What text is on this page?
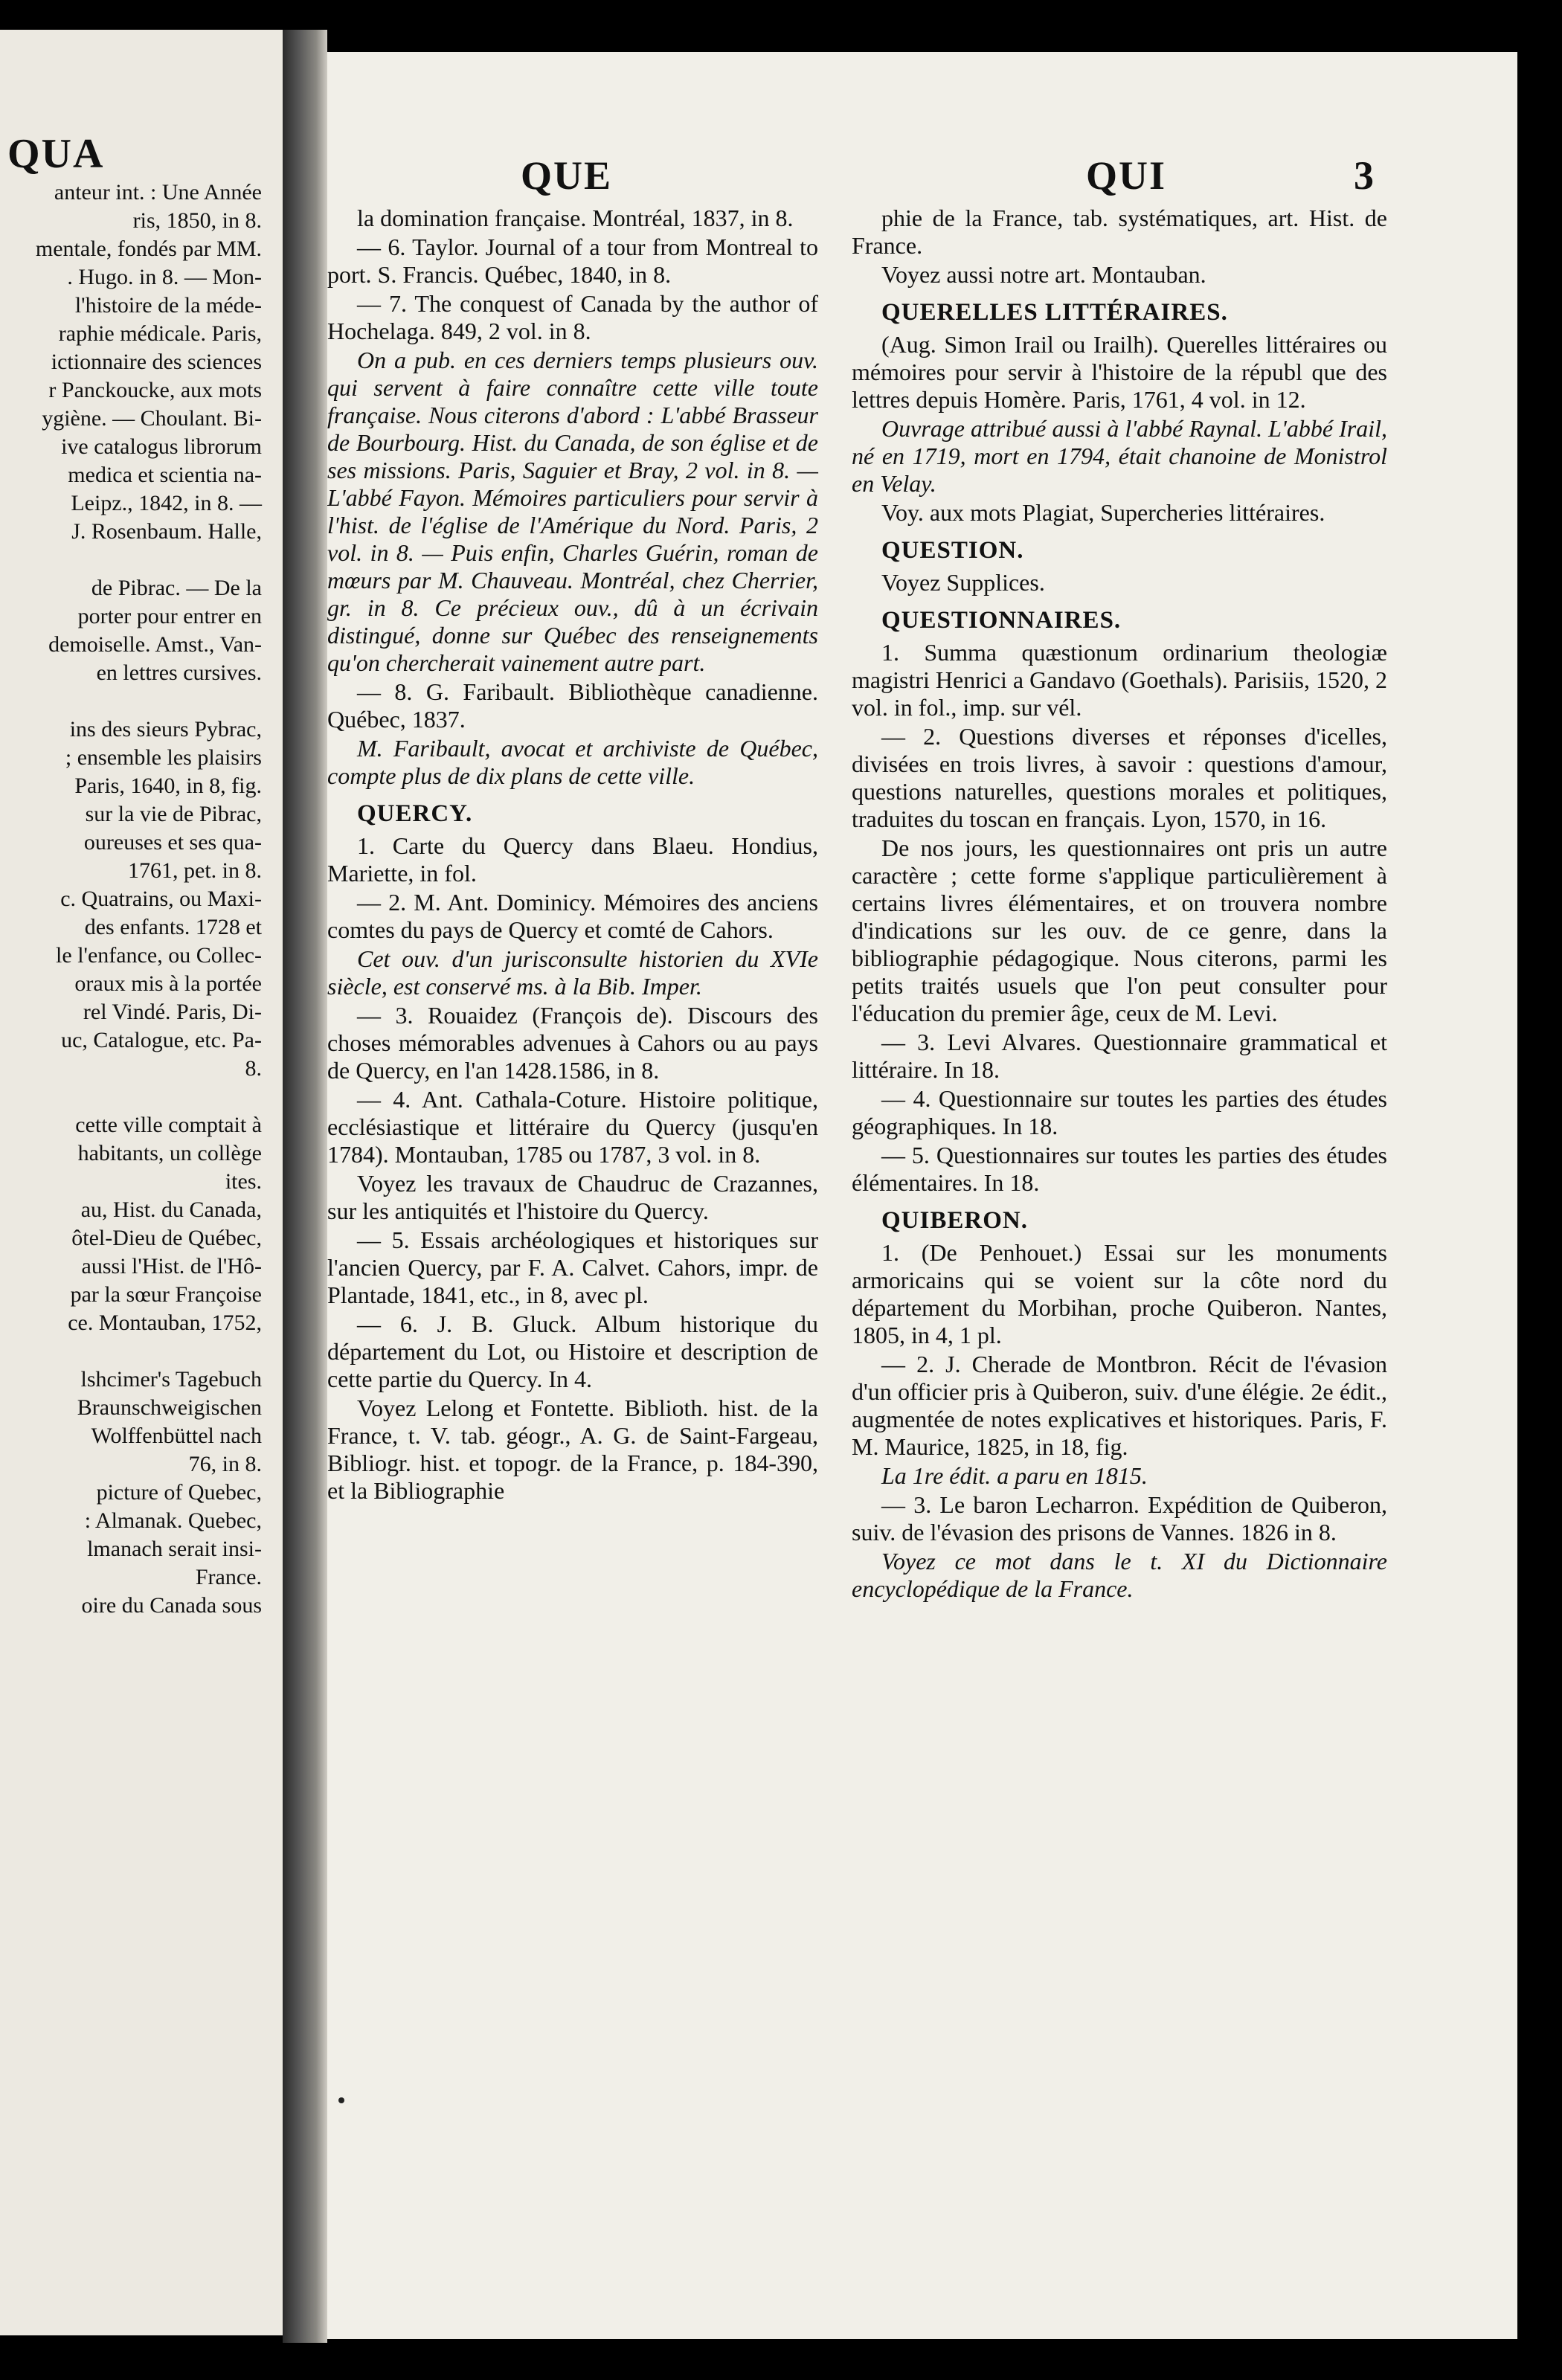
QUA

anteur int. : Une Année

ris, 1850, in 8.

mentale, fondés par MM.

. Hugo. in 8. — Mon-

l'histoire de la méde-

raphie médicale. Paris,

ictionnaire des sciences

r Panckoucke, aux mots

ygiène. — Choulant. Bi-

ive catalogus librorum

medica et scientia na-

Leipz., 1842, in 8. —

J. Rosenbaum. Halle,

de Pibrac. — De la

porter pour entrer en

demoiselle. Amst., Van-

en lettres cursives.

ins des sieurs Pybrac,

; ensemble les plaisirs

Paris, 1640, in 8, fig.

sur la vie de Pibrac,

oureuses et ses qua-

1761, pet. in 8.

c. Quatrains, ou Maxi-

des enfants. 1728 et

le l'enfance, ou Collec-

oraux mis à la portée

rel Vindé. Paris, Di-

uc, Catalogue, etc. Pa-

8.

cette ville comptait à

habitants, un collège

ites.

au, Hist. du Canada,

ôtel-Dieu de Québec,

aussi l'Hist. de l'Hô-

par la sœur Françoise

ce. Montauban, 1752,

lshcimer's Tagebuch

Braunschweigischen

Wolffenbüttel nach

76, in 8.

picture of Quebec,

: Almanak. Quebec,

lmanach serait insi-

France.

oire du Canada sous

QUE	QUI	3

la domination française. Montréal, 1837, in 8.

— 6. Taylor. Journal of a tour from Montreal to port. S. Francis. Québec, 1840, in 8.

— 7. The conquest of Canada by the author of Hochelaga. 849, 2 vol. in 8.

On a pub. en ces derniers temps plusieurs ouv. qui servent à faire connaître cette ville toute française. Nous citerons d'abord : L'abbé Brasseur de Bourbourg. Hist. du Canada, de son église et de ses missions. Paris, Saguier et Bray, 2 vol. in 8. — L'abbé Fayon. Mémoires particuliers pour servir à l'hist. de l'église de l'Amérique du Nord. Paris, 2 vol. in 8. — Puis enfin, Charles Guérin, roman de mœurs par M. Chauveau. Montréal, chez Cherrier, gr. in 8. Ce précieux ouv., dû à un écrivain distingué, donne sur Québec des renseignements qu'on chercherait vainement autre part.

— 8. G. Faribault. Bibliothèque canadienne. Québec, 1837.

M. Faribault, avocat et archiviste de Québec, compte plus de dix plans de cette ville.

QUERCY.

1. Carte du Quercy dans Blaeu. Hondius, Mariette, in fol.

— 2. M. Ant. Dominicy. Mémoires des anciens comtes du pays de Quercy et comté de Cahors.

Cet ouv. d'un jurisconsulte historien du XVIe siècle, est conservé ms. à la Bib. Imper.

— 3. Rouaidez (François de). Discours des choses mémorables advenues à Cahors ou au pays de Quercy, en l'an 1428.1586, in 8.

— 4. Ant. Cathala-Coture. Histoire politique, ecclésiastique et littéraire du Quercy (jusqu'en 1784). Montauban, 1785 ou 1787, 3 vol. in 8.

Voyez les travaux de Chaudruc de Crazannes, sur les antiquités et l'histoire du Quercy.

— 5. Essais archéologiques et historiques sur l'ancien Quercy, par F. A. Calvet. Cahors, impr. de Plantade, 1841, etc., in 8, avec pl.

— 6. J. B. Gluck. Album historique du département du Lot, ou Histoire et description de cette partie du Quercy. In 4.

Voyez Lelong et Fontette. Biblioth. hist. de la France, t. V. tab. géogr., A. G. de Saint-Fargeau, Bibliogr. hist. et topogr. de la France, p. 184-390, et la Bibliographie

phie de la France, tab. systématiques, art. Hist. de France.

Voyez aussi notre art. Montauban.

QUERELLES LITTÉRAIRES.

(Aug. Simon Irail ou Irailh). Querelles littéraires ou mémoires pour servir à l'histoire de la républ que des lettres depuis Homère. Paris, 1761, 4 vol. in 12.

Ouvrage attribué aussi à l'abbé Raynal. L'abbé Irail, né en 1719, mort en 1794, était chanoine de Monistrol en Velay.

Voy. aux mots Plagiat, Supercheries littéraires.

QUESTION.

Voyez Supplices.

QUESTIONNAIRES.

1. Summa quæstionum ordinarium theologiæ magistri Henrici a Gandavo (Goethals). Parisiis, 1520, 2 vol. in fol., imp. sur vél.

— 2. Questions diverses et réponses d'icelles, divisées en trois livres, à savoir : questions d'amour, questions naturelles, questions morales et politiques, traduites du toscan en français. Lyon, 1570, in 16.

De nos jours, les questionnaires ont pris un autre caractère ; cette forme s'applique particulièrement à certains livres élémentaires, et on trouvera nombre d'indications sur les ouv. de ce genre, dans la bibliographie pédagogique. Nous citerons, parmi les petits traités usuels que l'on peut consulter pour l'éducation du premier âge, ceux de M. Levi.

— 3. Levi Alvares. Questionnaire grammatical et littéraire. In 18.

— 4. Questionnaire sur toutes les parties des études géographiques. In 18.

— 5. Questionnaires sur toutes les parties des études élémentaires. In 18.

QUIBERON.

1. (De Penhouet.) Essai sur les monuments armoricains qui se voient sur la côte nord du département du Morbihan, proche Quiberon. Nantes, 1805, in 4, 1 pl.

— 2. J. Cherade de Montbron. Récit de l'évasion d'un officier pris à Quiberon, suiv. d'une élégie. 2e édit., augmentée de notes explicatives et historiques. Paris, F. M. Maurice, 1825, in 18, fig.

La 1re édit. a paru en 1815.

— 3. Le baron Lecharron. Expédition de Quiberon, suiv. de l'évasion des prisons de Vannes. 1826 in 8.

Voyez ce mot dans le t. XI du Dictionnaire encyclopédique de la France.
